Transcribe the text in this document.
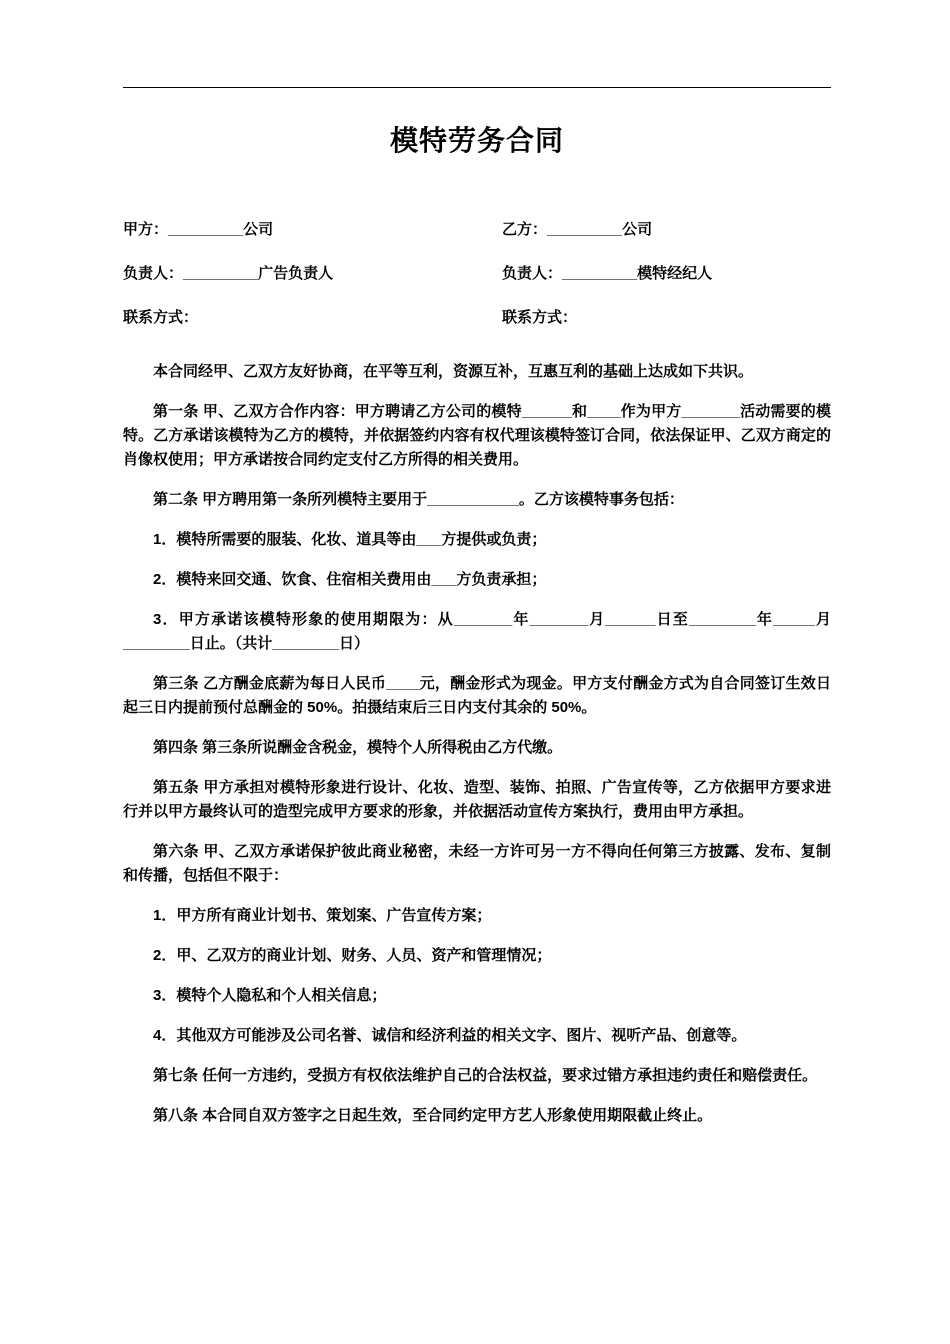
模特劳务合同
甲方：_________公司	乙方：_________公司
负责人：_________广告负责人	负责人：_________模特经纪人
联系方式：	联系方式：

本合同经甲、乙双方友好协商，在平等互利，资源互补，互惠互利的基础上达成如下共识。

第一条 甲、乙双方合作内容：甲方聘请乙方公司的模特______和____作为甲方_______活动需要的模特。乙方承诺该模特为乙方的模特，并依据签约内容有权代理该模特签订合同，依法保证甲、乙双方商定的肖像权使用；甲方承诺按合同约定支付乙方所得的相关费用。

第二条 甲方聘用第一条所列模特主要用于___________。乙方该模特事务包括：

1．模特所需要的服装、化妆、道具等由___方提供或负责；

2．模特来回交通、饮食、住宿相关费用由___方负责承担；

3．甲方承诺该模特形象的使用期限为：从_______年_______月______日至________年_____月________日止。（共计________日）

第三条 乙方酬金底薪为每日人民币____元，酬金形式为现金。甲方支付酬金方式为自合同签订生效日起三日内提前预付总酬金的 50%。拍摄结束后三日内支付其余的 50%。

第四条 第三条所说酬金含税金，模特个人所得税由乙方代缴。

第五条 甲方承担对模特形象进行设计、化妆、造型、装饰、拍照、广告宣传等，乙方依据甲方要求进行并以甲方最终认可的造型完成甲方要求的形象，并依据活动宣传方案执行，费用由甲方承担。

第六条 甲、乙双方承诺保护彼此商业秘密，未经一方许可另一方不得向任何第三方披露、发布、复制和传播，包括但不限于：

1．甲方所有商业计划书、策划案、广告宣传方案；

2．甲、乙双方的商业计划、财务、人员、资产和管理情况；

3．模特个人隐私和个人相关信息；

4．其他双方可能涉及公司名誉、诚信和经济利益的相关文字、图片、视听产品、创意等。

第七条 任何一方违约，受损方有权依法维护自己的合法权益，要求过错方承担违约责任和赔偿责任。

第八条 本合同自双方签字之日起生效，至合同约定甲方艺人形象使用期限截止终止。
